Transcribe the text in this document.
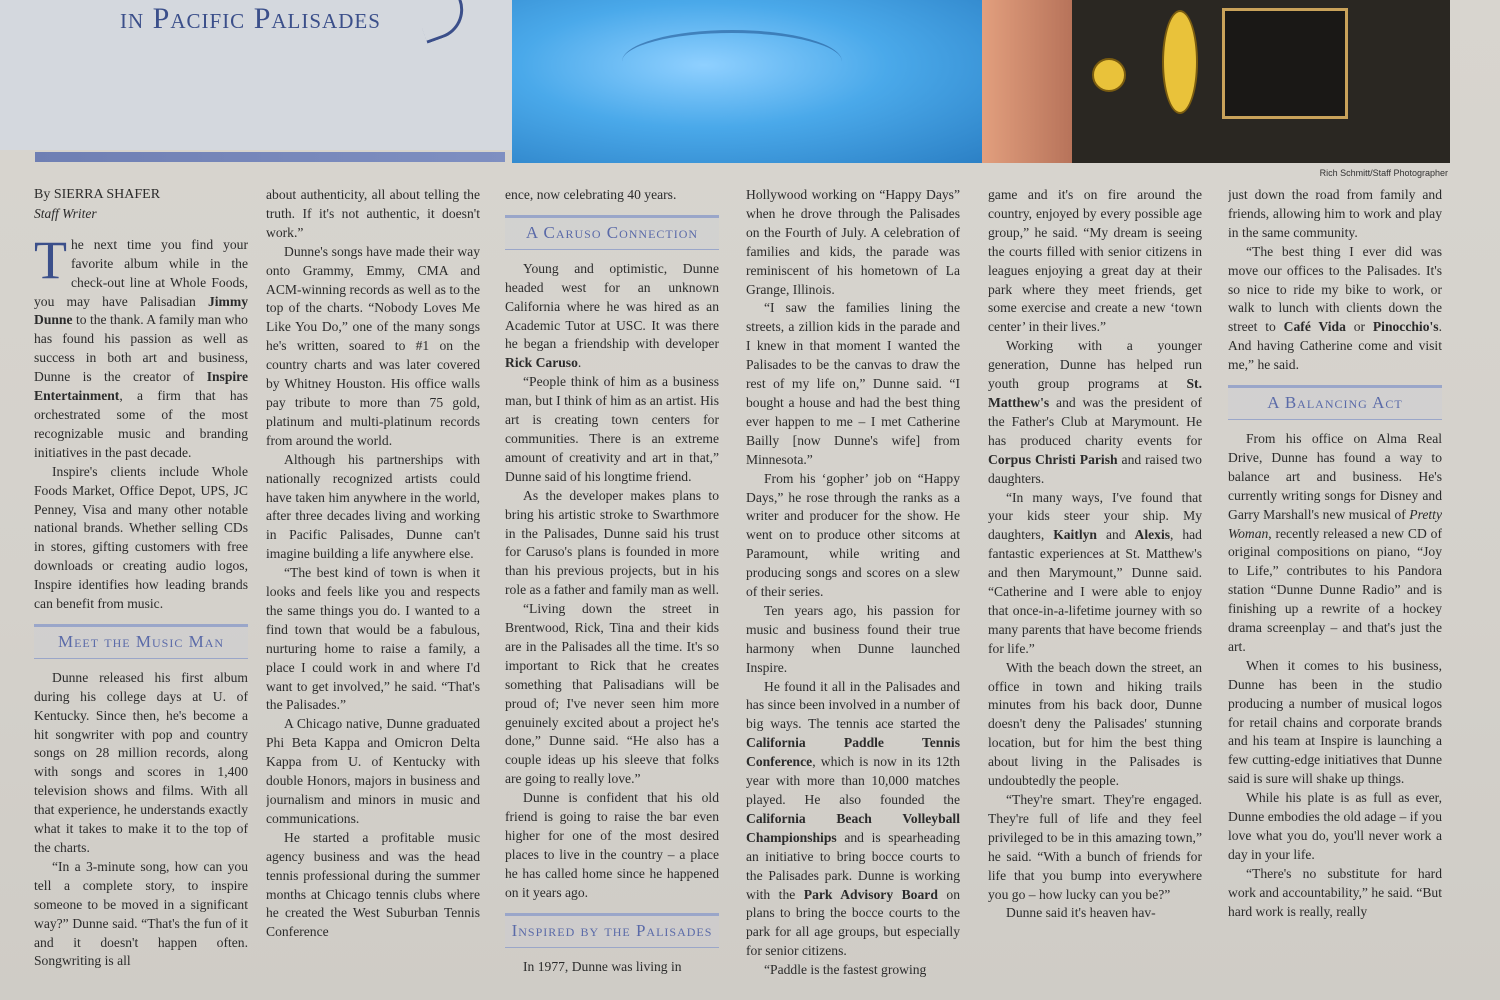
in Pacific Palisades
Rich Schmitt/Staff Photographer
By SIERRA SHAFER
Staff Writer

The next time you find your favorite album while in the check-out line at Whole Foods, you may have Palisadian Jimmy Dunne to the thank. A family man who has found his passion as well as success in both art and business, Dunne is the creator of Inspire Entertainment, a firm that has orchestrated some of the most recognizable music and branding initiatives in the past decade.

Inspire's clients include Whole Foods Market, Office Depot, UPS, JC Penney, Visa and many other notable national brands. Whether selling CDs in stores, gifting customers with free downloads or creating audio logos, Inspire identifies how leading brands can benefit from music.

Meet the Music Man

Dunne released his first album during his college days at U. of Kentucky. Since then, he's become a hit songwriter with pop and country songs on 28 million records, along with songs and scores in 1,400 television shows and films. With all that experience, he understands exactly what it takes to make it to the top of the charts.

“In a 3-minute song, how can you tell a complete story, to inspire someone to be moved in a significant way?” Dunne said. “That's the fun of it and it doesn't happen often. Songwriting is all

about authenticity, all about telling the truth. If it's not authentic, it doesn't work.”

Dunne's songs have made their way onto Grammy, Emmy, CMA and ACM-winning records as well as to the top of the charts. “Nobody Loves Me Like You Do,” one of the many songs he's written, soared to #1 on the country charts and was later covered by Whitney Houston. His office walls pay tribute to more than 75 gold, platinum and multi-platinum records from around the world.

Although his partnerships with nationally recognized artists could have taken him anywhere in the world, after three decades living and working in Pacific Palisades, Dunne can't imagine building a life anywhere else.

“The best kind of town is when it looks and feels like you and respects the same things you do. I wanted to a find town that would be a fabulous, nurturing home to raise a family, a place I could work in and where I'd want to get involved,” he said. “That's the Palisades.”

A Chicago native, Dunne graduated Phi Beta Kappa and Omicron Delta Kappa from U. of Kentucky with double Honors, majors in business and journalism and minors in music and communications.

He started a profitable music agency business and was the head tennis professional during the summer months at Chicago tennis clubs where he created the West Suburban Tennis Conference

ence, now celebrating 40 years.

A Caruso Connection

Young and optimistic, Dunne headed west for an unknown California where he was hired as an Academic Tutor at USC. It was there he began a friendship with developer Rick Caruso.

“People think of him as a business man, but I think of him as an artist. His art is creating town centers for communities. There is an extreme amount of creativity and art in that,” Dunne said of his longtime friend.

As the developer makes plans to bring his artistic stroke to Swarthmore in the Palisades, Dunne said his trust for Caruso's plans is founded in more than his previous projects, but in his role as a father and family man as well.

“Living down the street in Brentwood, Rick, Tina and their kids are in the Palisades all the time. It's so important to Rick that he creates something that Palisadians will be proud of; I've never seen him more genuinely excited about a project he's done,” Dunne said. “He also has a couple ideas up his sleeve that folks are going to really love.”

Dunne is confident that his old friend is going to raise the bar even higher for one of the most desired places to live in the country – a place he has called home since he happened on it years ago.

Inspired by the Palisades

In 1977, Dunne was living in

Hollywood working on “Happy Days” when he drove through the Palisades on the Fourth of July. A celebration of families and kids, the parade was reminiscent of his hometown of La Grange, Illinois.

“I saw the families lining the streets, a zillion kids in the parade and I knew in that moment I wanted the Palisades to be the canvas to draw the rest of my life on,” Dunne said. “I bought a house and had the best thing ever happen to me – I met Catherine Bailly [now Dunne's wife] from Minnesota.”

From his ‘gopher’ job on “Happy Days,” he rose through the ranks as a writer and producer for the show. He went on to produce other sitcoms at Paramount, while writing and producing songs and scores on a slew of their series.

Ten years ago, his passion for music and business found their true harmony when Dunne launched Inspire.

He found it all in the Palisades and has since been involved in a number of big ways. The tennis ace started the California Paddle Tennis Conference, which is now in its 12th year with more than 10,000 matches played. He also founded the California Beach Volleyball Championships and is spearheading an initiative to bring bocce courts to the Palisades park. Dunne is working with the Park Advisory Board on plans to bring the bocce courts to the park for all age groups, but especially for senior citizens.

“Paddle is the fastest growing

game and it's on fire around the country, enjoyed by every possible age group,” he said. “My dream is seeing the courts filled with senior citizens in leagues enjoying a great day at their park where they meet friends, get some exercise and create a new ‘town center’ in their lives.”

Working with a younger generation, Dunne has helped run youth group programs at St. Matthew's and was the president of the Father's Club at Marymount. He has produced charity events for Corpus Christi Parish and raised two daughters.

“In many ways, I've found that your kids steer your ship. My daughters, Kaitlyn and Alexis, had fantastic experiences at St. Matthew's and then Marymount,” Dunne said. “Catherine and I were able to enjoy that once-in-a-lifetime journey with so many parents that have become friends for life.”

With the beach down the street, an office in town and hiking trails minutes from his back door, Dunne doesn't deny the Palisades' stunning location, but for him the best thing about living in the Palisades is undoubtedly the people.

“They're smart. They're engaged. They're full of life and they feel privileged to be in this amazing town,” he said. “With a bunch of friends for life that you bump into everywhere you go – how lucky can you be?”

Dunne said it's heaven hav-

just down the road from family and friends, allowing him to work and play in the same community.

“The best thing I ever did was move our offices to the Palisades. It's so nice to ride my bike to work, or walk to lunch with clients down the street to Café Vida or Pinocchio's. And having Catherine come and visit me,” he said.

A Balancing Act

From his office on Alma Real Drive, Dunne has found a way to balance art and business. He's currently writing songs for Disney and Garry Marshall's new musical of Pretty Woman, recently released a new CD of original compositions on piano, “Joy to Life,” contributes to his Pandora station “Dunne Dunne Radio” and is finishing up a rewrite of a hockey drama screenplay – and that's just the art.

When it comes to his business, Dunne has been in the studio producing a number of musical logos for retail chains and corporate brands and his team at Inspire is launching a few cutting-edge initiatives that Dunne said is sure will shake up things.

While his plate is as full as ever, Dunne embodies the old adage – if you love what you do, you'll never work a day in your life.

“There's no substitute for hard work and accountability,” he said. “But hard work is really, really
